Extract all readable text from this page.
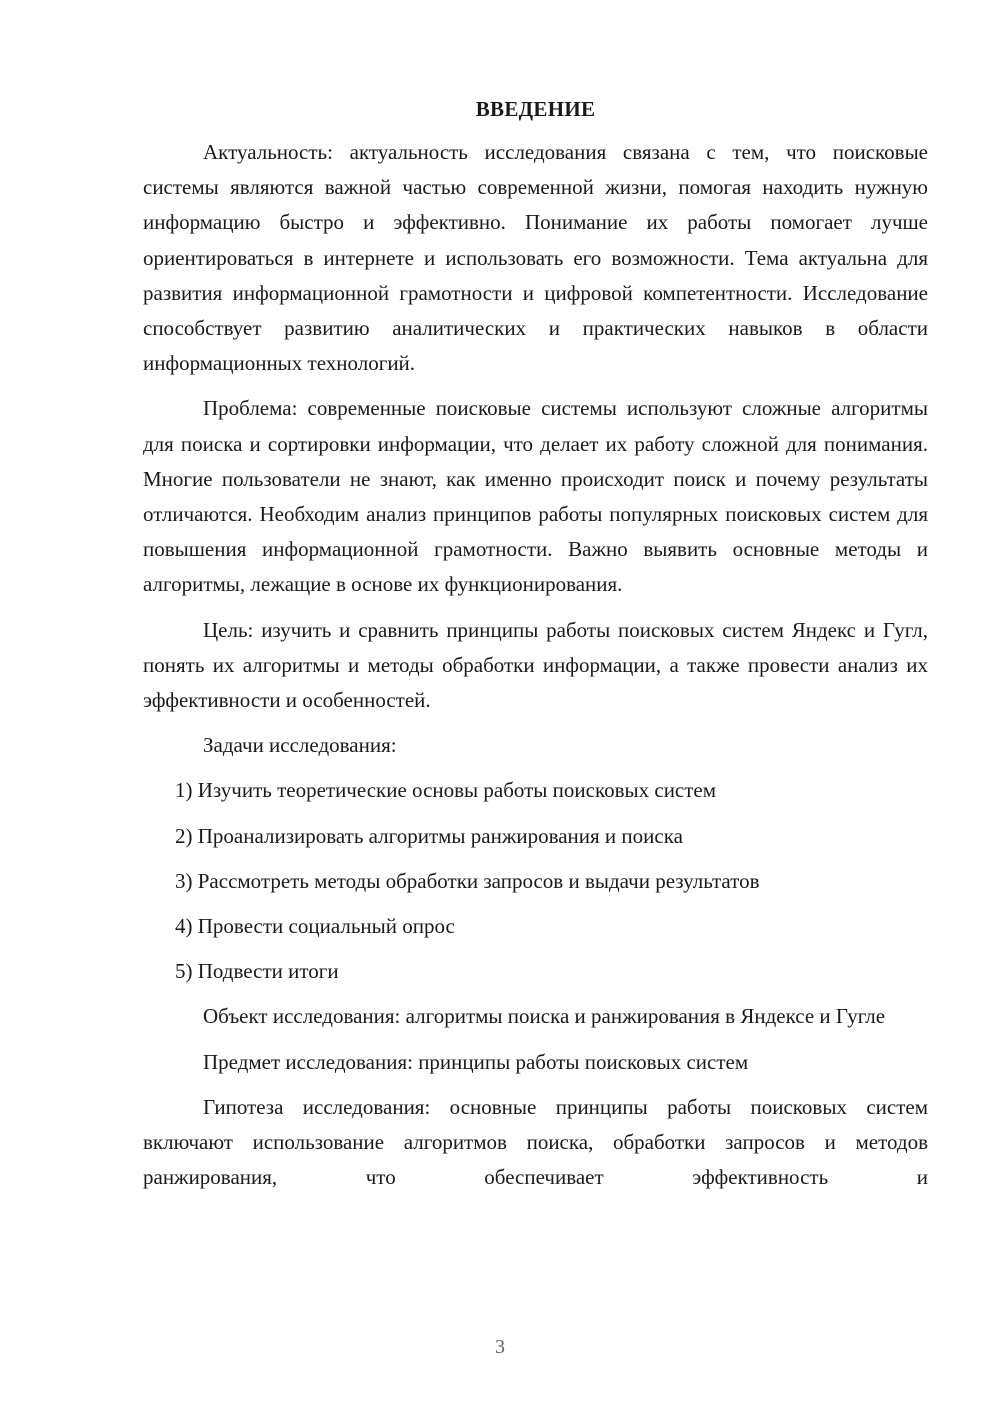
ВВЕДЕНИЕ

Актуальность: актуальность исследования связана с тем, что поисковые системы являются важной частью современной жизни, помогая находить нужную информацию быстро и эффективно. Понимание их работы помогает лучше ориентироваться в интернете и использовать его возможности. Тема актуальна для развития информационной грамотности и цифровой компетентности. Исследование способствует развитию аналитических и практических навыков в области информационных технологий.

Проблема: современные поисковые системы используют сложные алгоритмы для поиска и сортировки информации, что делает их работу сложной для понимания. Многие пользователи не знают, как именно происходит поиск и почему результаты отличаются. Необходим анализ принципов работы популярных поисковых систем для повышения информационной грамотности. Важно выявить основные методы и алгоритмы, лежащие в основе их функционирования.

Цель: изучить и сравнить принципы работы поисковых систем Яндекс и Гугл, понять их алгоритмы и методы обработки информации, а также провести анализ их эффективности и особенностей.

Задачи исследования:

1) Изучить теоретические основы работы поисковых систем
2) Проанализировать алгоритмы ранжирования и поиска
3) Рассмотреть методы обработки запросов и выдачи результатов
4) Провести социальный опрос
5) Подвести итоги

Объект исследования: алгоритмы поиска и ранжирования в Яндексе и Гугле

Предмет исследования: принципы работы поисковых систем

Гипотеза исследования: основные принципы работы поисковых систем включают использование алгоритмов поиска, обработки запросов и методов ранжирования, что обеспечивает эффективность и

3
